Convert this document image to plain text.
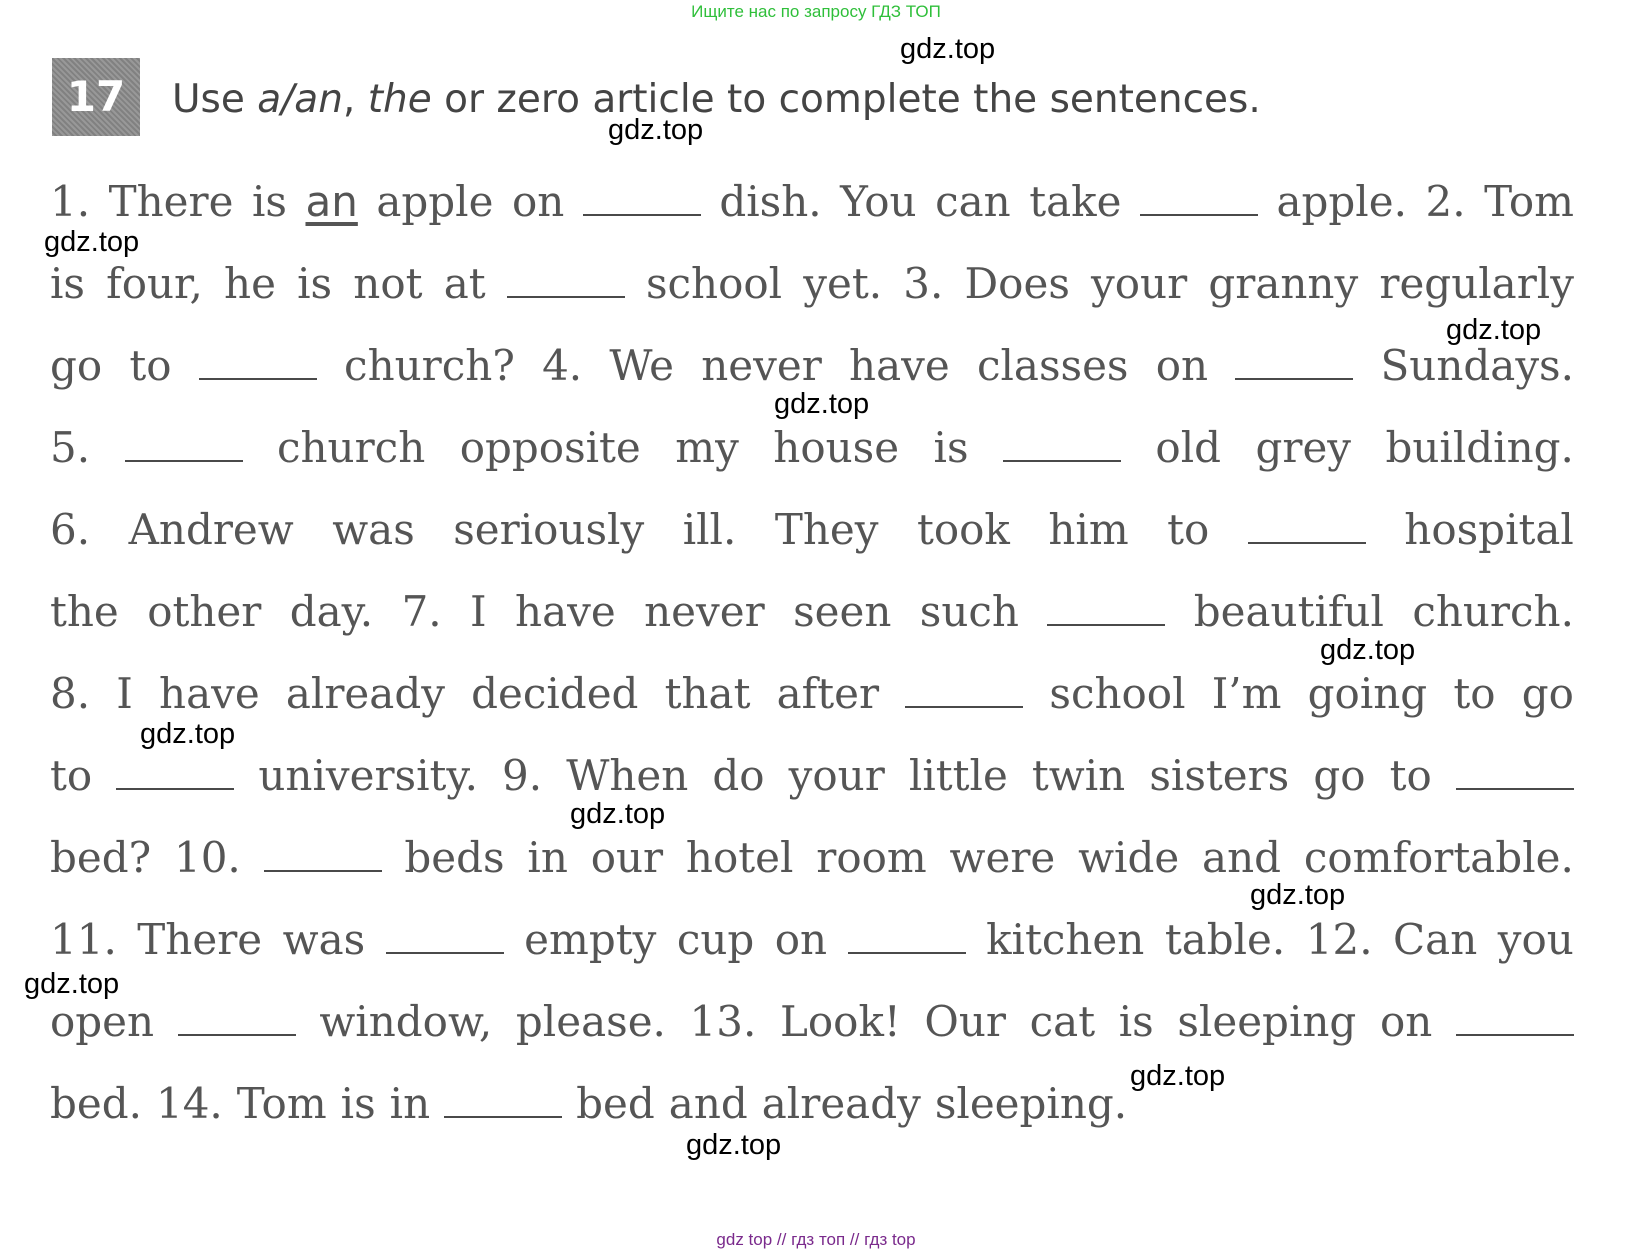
Ищите нас по запросу ГДЗ ТОП
17	Use a/an, the or zero article to complete the sentences.
1. There is an apple on	dish. You can take	apple. 2. Tom
is four, he is not at	school yet. 3. Does your granny regularly
go to	church? 4. We never have classes on	Sundays.
5.	church opposite my house is	old grey building.
6. Andrew was seriously ill. They took him to	hospital
the other day. 7. I have never seen such	beautiful church.
8. I have already decided that after	school I’m going to go
to	university. 9. When do your little twin sisters go to
bed? 10.	beds in our hotel room were wide and comfortable.
11. There was	empty cup on	kitchen table. 12. Can you
open	window, please. 13. Look! Our cat is sleeping on
bed. 14. Tom is in	bed and already sleeping.
gdz.top
gdz.top
gdz.top
gdz.top
gdz.top
gdz.top
gdz.top
gdz.top
gdz.top
gdz.top
gdz.top
gdz.top
gdz top // гдз топ // гдз top
